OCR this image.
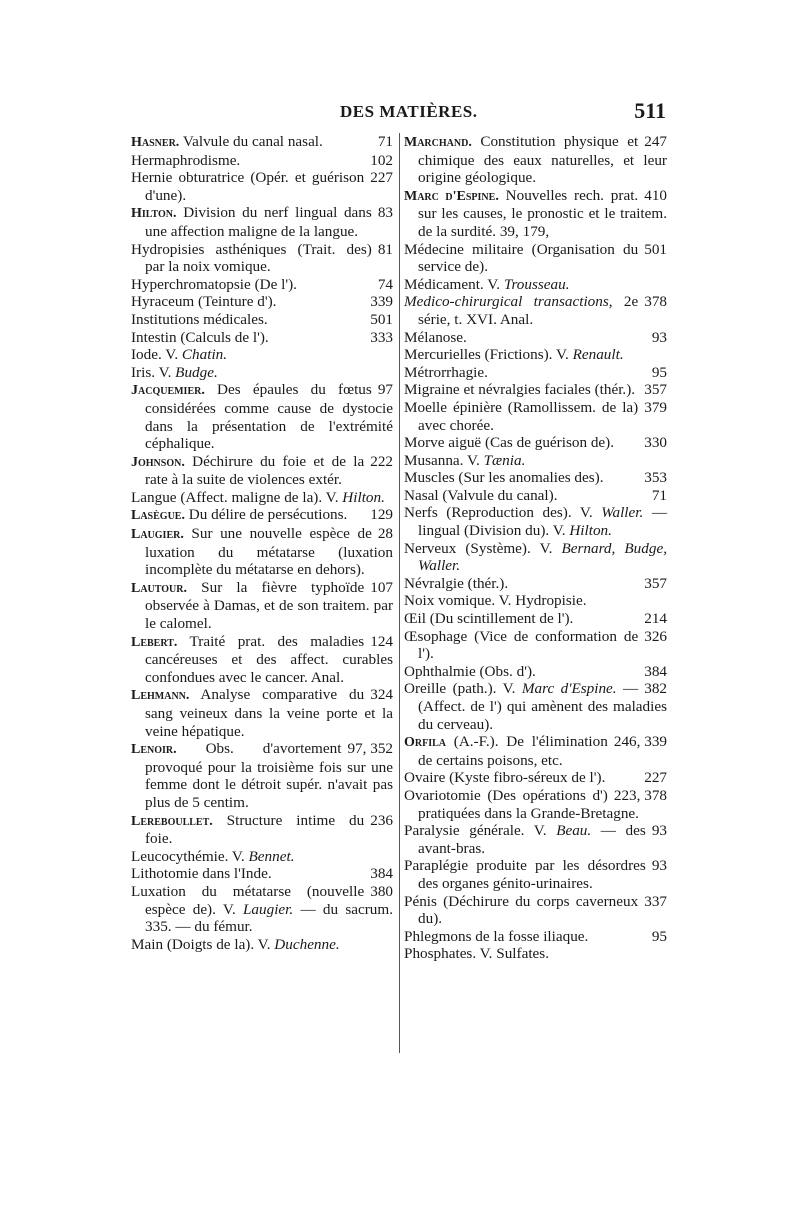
DES MATIÈRES.	511

71
Hasner. Valvule du canal nasal.

102
Hermaphrodisme.

227
Hernie obturatrice (Opér. et guérison d'une).

83
Hilton. Division du nerf lingual dans une affection maligne de la langue.

81
Hydropisies asthéniques (Trait. des) par la noix vomique.

74
Hyperchromatopsie (De l').

339
Hyraceum (Teinture d').

501
Institutions médicales.

333
Intestin (Calculs de l').

Iode. V. Chatin.

Iris. V. Budge.

97
Jacquemier. Des épaules du fœtus considérées comme cause de dystocie dans la présentation de l'extrémité céphalique.

222
Johnson. Déchirure du foie et de la rate à la suite de violences extér.

Langue (Affect. maligne de la). V. Hilton.

129
Lasègue. Du délire de persécutions.

28
Laugier. Sur une nouvelle espèce de luxation du métatarse (luxation incomplète du métatarse en dehors).

107
Lautour. Sur la fièvre typhoïde observée à Damas, et de son traitem. par le calomel.

124
Lebert. Traité prat. des maladies cancéreuses et des affect. curables confondues avec le cancer. Anal.

324
Lehmann. Analyse comparative du sang veineux dans la veine porte et la veine hépatique.

97, 352
Lenoir. Obs. d'avortement provoqué pour la troisième fois sur une femme dont le détroit supér. n'avait pas plus de 5 centim.

236
Lereboullet. Structure intime du foie.

Leucocythémie. V. Bennet.

384
Lithotomie dans l'Inde.

380
Luxation du métatarse (nouvelle espèce de). V. Laugier. — du sacrum. 335. — du fémur.

Main (Doigts de la). V. Duchenne.

247
Marchand. Constitution physique et chimique des eaux naturelles, et leur origine géologique.

410
Marc d'Espine. Nouvelles rech. prat. sur les causes, le pronostic et le traitem. de la surdité. 39, 179,

501
Médecine militaire (Organisation du service de).

Médicament. V. Trousseau.

378
Medico-chirurgical transactions, 2e série, t. XVI. Anal.

93
Mélanose.

Mercurielles (Frictions). V. Renault.

95
Métrorrhagie.

357
Migraine et névralgies faciales (thér.).

379
Moelle épinière (Ramollissem. de la) avec chorée.

330
Morve aiguë (Cas de guérison de).

Musanna. V. Tænia.

353
Muscles (Sur les anomalies des).

71
Nasal (Valvule du canal).

Nerfs (Reproduction des). V. Waller. — lingual (Division du). V. Hilton.

Nerveux (Système). V. Bernard, Budge, Waller.

357
Névralgie (thér.).

Noix vomique. V. Hydropisie.

214
Œil (Du scintillement de l').

326
Œsophage (Vice de conformation de l').

384
Ophthalmie (Obs. d').

382
Oreille (path.). V. Marc d'Espine. — (Affect. de l') qui amènent des maladies du cerveau).

246, 339
Orfila (A.-F.). De l'élimination de certains poisons, etc.

227
Ovaire (Kyste fibro-séreux de l').

223, 378
Ovariotomie (Des opérations d') pratiquées dans la Grande-Bretagne.

93
Paralysie générale. V. Beau. — des avant-bras.

93
Paraplégie produite par les désordres des organes génito-urinaires.

337
Pénis (Déchirure du corps caverneux du).

95
Phlegmons de la fosse iliaque.

Phosphates. V. Sulfates.
